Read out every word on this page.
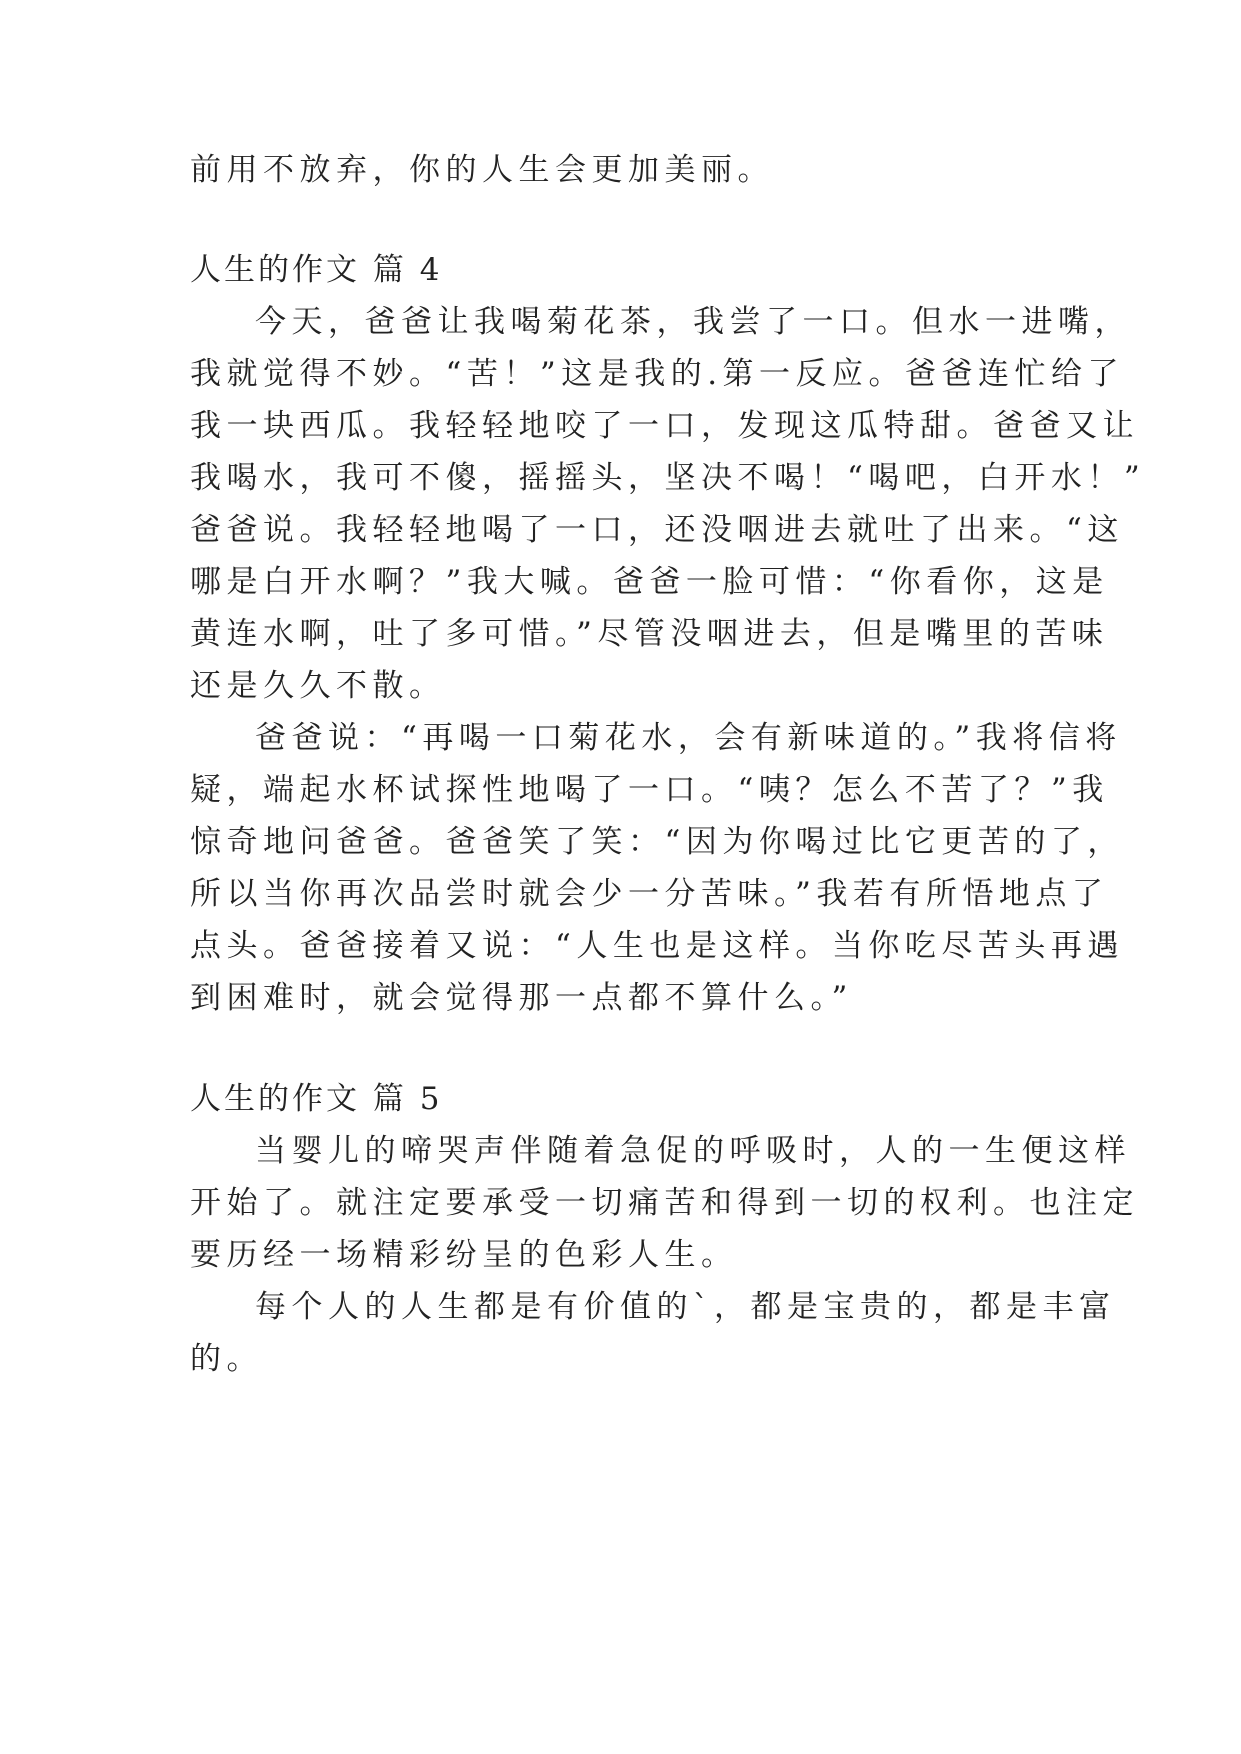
前用不放弃，你的人生会更加美丽。

人生的作文 篇 4

今天，爸爸让我喝菊花茶，我尝了一口。但水一进嘴，

我就觉得不妙。“苦！”这是我的.第一反应。爸爸连忙给了

我一块西瓜。我轻轻地咬了一口，发现这瓜特甜。爸爸又让

我喝水，我可不傻，摇摇头，坚决不喝！“喝吧，白开水！”

爸爸说。我轻轻地喝了一口，还没咽进去就吐了出来。“这

哪是白开水啊？”我大喊。爸爸一脸可惜：“你看你，这是

黄连水啊，吐了多可惜。”尽管没咽进去，但是嘴里的苦味

还是久久不散。

爸爸说：“再喝一口菊花水，会有新味道的。”我将信将

疑，端起水杯试探性地喝了一口。“咦？怎么不苦了？”我

惊奇地问爸爸。爸爸笑了笑：“因为你喝过比它更苦的了，

所以当你再次品尝时就会少一分苦味。”我若有所悟地点了

点头。爸爸接着又说：“人生也是这样。当你吃尽苦头再遇

到困难时，就会觉得那一点都不算什么。”

人生的作文 篇 5

当婴儿的啼哭声伴随着急促的呼吸时，人的一生便这样

开始了。就注定要承受一切痛苦和得到一切的权利。也注定

要历经一场精彩纷呈的色彩人生。

每个人的人生都是有价值的`，都是宝贵的，都是丰富

的。
